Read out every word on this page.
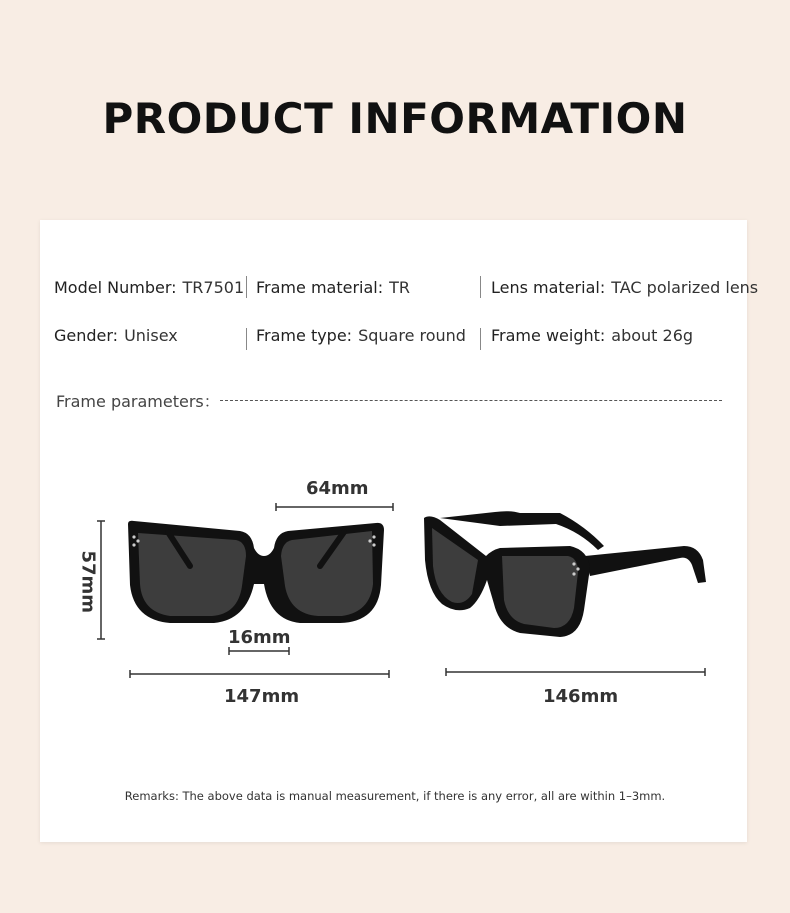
PRODUCT INFORMATION
Model Number: TR7501 Frame material: TR	Lens material: TAC polarized lens
Gender: Unisex	Frame type: Square round Frame weight: about 26g
Frame parameters：
64mm
57mm
16mm
147mm	146mm
Remarks: The above data is manual measurement, if there is any error, all are within 1–3mm.
